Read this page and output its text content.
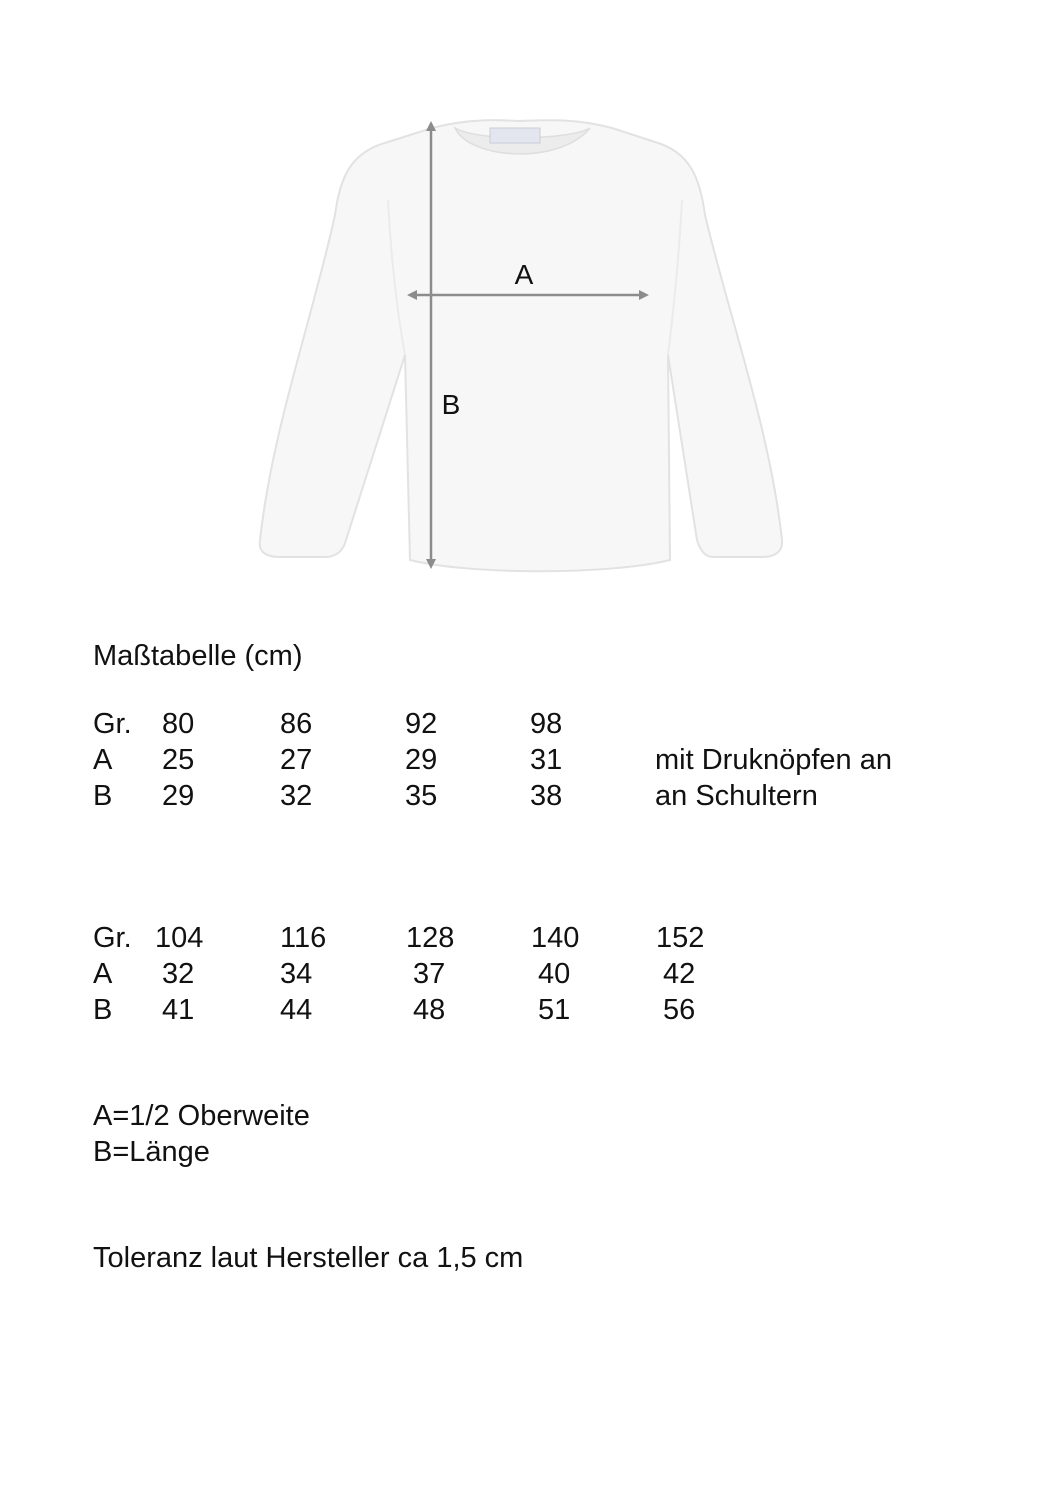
A
B
Maßtabelle (cm)
Gr. 80	86	92	98
A 25	27	29	31	mit Druknöpfen an
B 29	32	35	38	an Schultern
Gr. 104	116	128	140	152
A 32	34	37	40	42
B 41	44	48	51	56
A=1/2 Oberweite
B=Länge
Toleranz laut Hersteller ca 1,5 cm
